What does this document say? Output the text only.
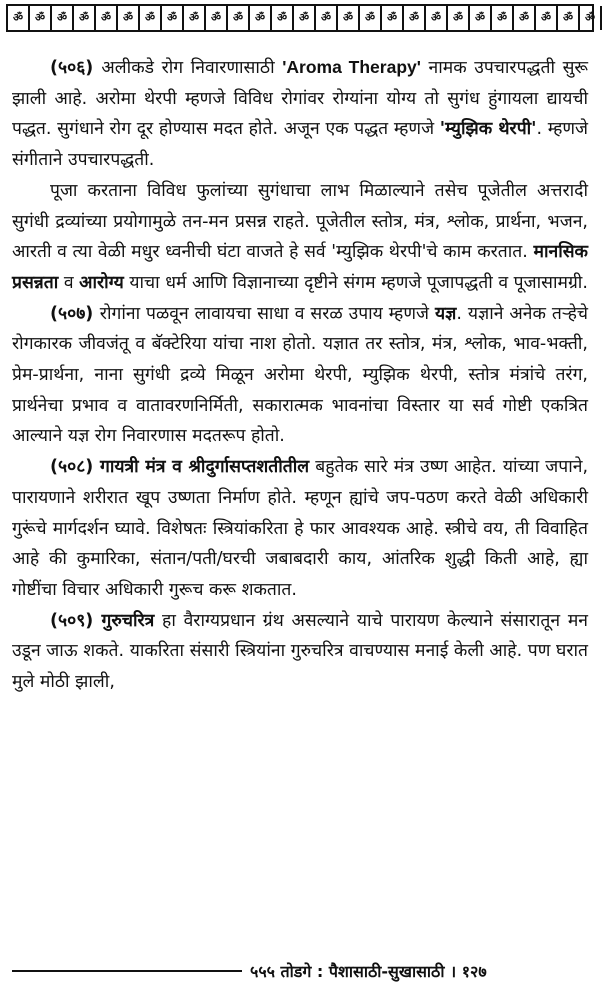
ॐ	ॐ	ॐ	ॐ	ॐ	ॐ	ॐ	ॐ	ॐ	ॐ	ॐ	ॐ	ॐ	ॐ	ॐ	ॐ	ॐ	ॐ	ॐ	ॐ	ॐ	ॐ	ॐ	ॐ	ॐ	ॐ	ॐ

(५०६) अलीकडे रोग निवारणासाठी 'Aroma Therapy' नामक उपचारपद्धती सुरू झाली आहे. अरोमा थेरपी म्हणजे विविध रोगांवर रोग्यांना योग्य तो सुगंध हुंगायला द्यायची पद्धत. सुगंधाने रोग दूर होण्यास मदत होते. अजून एक पद्धत म्हणजे 'म्युझिक थेरपी'. म्हणजे संगीताने उपचारपद्धती.

पूजा करताना विविध फुलांच्या सुगंधाचा लाभ मिळाल्याने तसेच पूजेतील अत्तरादी सुगंधी द्रव्यांच्या प्रयोगामुळे तन-मन प्रसन्न राहते. पूजेतील स्तोत्र, मंत्र, श्लोक, प्रार्थना, भजन, आरती व त्या वेळी मधुर ध्वनीची घंटा वाजते हे सर्व 'म्युझिक थेरपी'चे काम करतात. मानसिक प्रसन्नता व आरोग्य याचा धर्म आणि विज्ञानाच्या दृष्टीने संगम म्हणजे पूजापद्धती व पूजासामग्री.

(५०७) रोगांना पळवून लावायचा साधा व सरळ उपाय म्हणजे यज्ञ. यज्ञाने अनेक तऱ्हेचे रोगकारक जीवजंतू व बॅक्टेरिया यांचा नाश होतो. यज्ञात तर स्तोत्र, मंत्र, श्लोक, भाव-भक्ती, प्रेम-प्रार्थना, नाना सुगंधी द्रव्ये मिळून अरोमा थेरपी, म्युझिक थेरपी, स्तोत्र मंत्रांचे तरंग, प्रार्थनेचा प्रभाव व वातावरणनिर्मिती, सकारात्मक भावनांचा विस्तार या सर्व गोष्टी एकत्रित आल्याने यज्ञ रोग निवारणास मदतरूप होतो.

(५०८) गायत्री मंत्र व श्रीदुर्गासप्तशतीतील बहुतेक सारे मंत्र उष्ण आहेत. यांच्या जपाने, पारायणाने शरीरात खूप उष्णता निर्माण होते. म्हणून ह्यांचे जप-पठण करते वेळी अधिकारी गुरूंचे मार्गदर्शन घ्यावे. विशेषतः स्त्रियांकरिता हे फार आवश्यक आहे. स्त्रीचे वय, ती विवाहित आहे की कुमारिका, संतान/पती/घरची जबाबदारी काय, आंतरिक शुद्धी किती आहे, ह्या गोष्टींचा विचार अधिकारी गुरूच करू शकतात.

(५०९) गुरुचरित्र हा वैराग्यप्रधान ग्रंथ असल्याने याचे पारायण केल्याने संसारातून मन उडून जाऊ शकते. याकरिता संसारी स्त्रियांना गुरुचरित्र वाचण्यास मनाई केली आहे. पण घरात मुले मोठी झाली,

५५५ तोडगे : पैशासाठी-सुखासाठी । १२७
